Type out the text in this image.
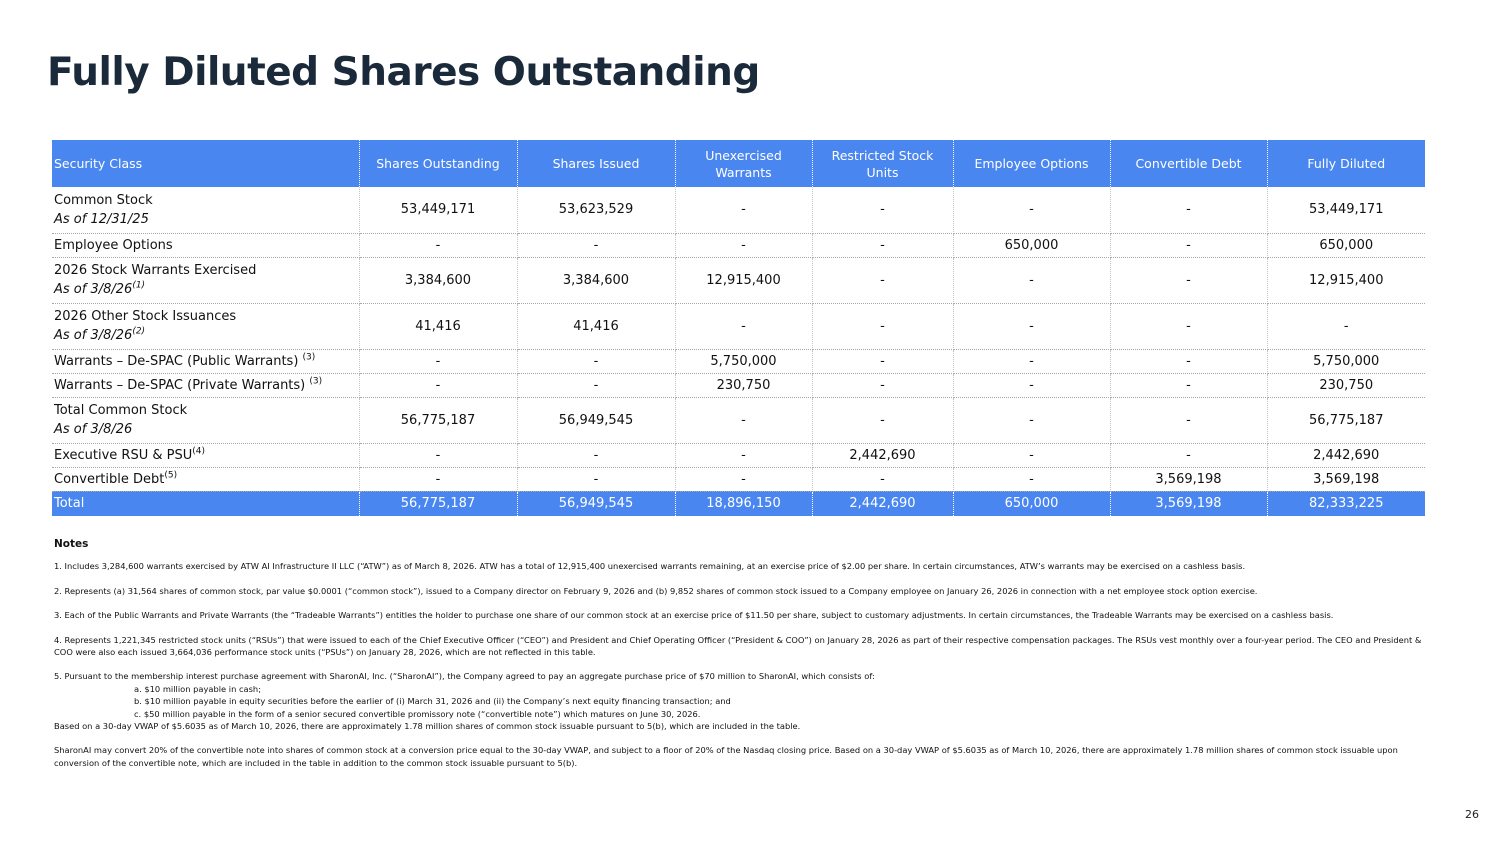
Fully Diluted Shares Outstanding
Security Class	Shares Outstanding	Shares Issued	Unexercised Warrants	Restricted Stock Units	Employee Options	Convertible Debt	Fully Diluted
Common Stock
As of 12/31/25	53,449,171	53,623,529	-	-	-	-	53,449,171
Employee Options	-	-	-	-	650,000	-	650,000
2026 Stock Warrants Exercised
As of 3/8/26$^{(1)}$	3,384,600	3,384,600	12,915,400	-	-	-	12,915,400
2026 Other Stock Issuances
As of 3/8/26$^{(2)}$	41,416	41,416	-	-	-	-	-
Warrants – De-SPAC (Public Warrants) $^{(3)}$	-	-	5,750,000	-	-	-	5,750,000
Warrants – De-SPAC (Private Warrants) $^{(3)}$	-	-	230,750	-	-	-	230,750
Total Common Stock
As of 3/8/26	56,775,187	56,949,545	-	-	-	-	56,775,187
Executive RSU & PSU$^{(4)}$	-	-	-	2,442,690	-	-	2,442,690
Convertible Debt$^{(5)}$	-	-	-	-	-	3,569,198	3,569,198
Total	56,775,187	56,949,545	18,896,150	2,442,690	650,000	3,569,198	82,333,225
Notes

1. Includes 3,284,600 warrants exercised by ATW AI Infrastructure II LLC (“ATW”) as of March 8, 2026. ATW has a total of 12,915,400 unexercised warrants remaining, at an exercise price of $2.00 per share. In certain circumstances, ATW’s warrants may be exercised on a cashless basis.

2. Represents (a) 31,564 shares of common stock, par value $0.0001 (“common stock”), issued to a Company director on February 9, 2026 and (b) 9,852 shares of common stock issued to a Company employee on January 26, 2026 in connection with a net employee stock option exercise.

3. Each of the Public Warrants and Private Warrants (the “Tradeable Warrants”) entitles the holder to purchase one share of our common stock at an exercise price of $11.50 per share, subject to customary adjustments. In certain circumstances, the Tradeable Warrants may be exercised on a cashless basis.

4. Represents 1,221,345 restricted stock units (“RSUs”) that were issued to each of the Chief Executive Officer (“CEO”) and President and Chief Operating Officer (“President & COO”) on January 28, 2026 as part of their respective compensation packages. The RSUs vest monthly over a four-year period. The CEO and President & COO were also each issued 3,664,036 performance stock units (“PSUs”) on January 28, 2026, which are not reflected in this table.

5. Pursuant to the membership interest purchase agreement with SharonAI, Inc. (“SharonAI”), the Company agreed to pay an aggregate purchase price of $70 million to SharonAI, which consists of:
a. $10 million payable in cash;
b. $10 million payable in equity securities before the earlier of (i) March 31, 2026 and (ii) the Company’s next equity financing transaction; and
c. $50 million payable in the form of a senior secured convertible promissory note (“convertible note”) which matures on June 30, 2026.

Based on a 30-day VWAP of $5.6035 as of March 10, 2026, there are approximately 1.78 million shares of common stock issuable pursuant to 5(b), which are included in the table.

SharonAI may convert 20% of the convertible note into shares of common stock at a conversion price equal to the 30-day VWAP, and subject to a floor of 20% of the Nasdaq closing price. Based on a 30-day VWAP of $5.6035 as of March 10, 2026, there are approximately 1.78 million shares of common stock issuable upon conversion of the convertible note, which are included in the table in addition to the common stock issuable pursuant to 5(b).

26
